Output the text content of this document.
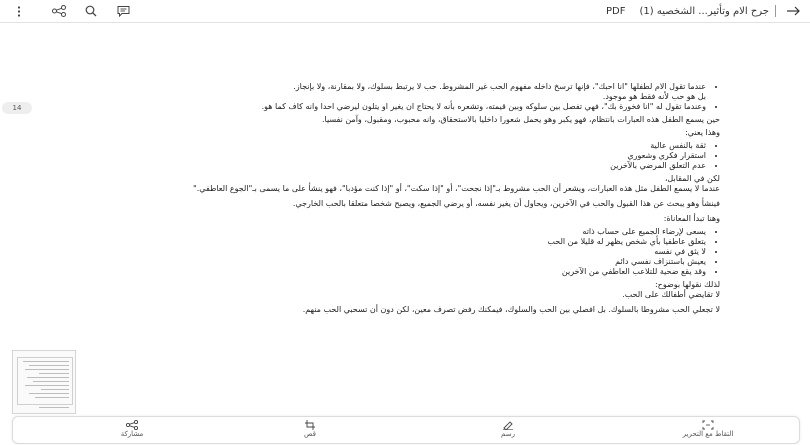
جرح الام وتأثير... الشخصيه (1)
PDF
14
• عندما تقول الام لطفلها "انا احبك"، فإنها ترسخ داخله مفهوم الحب غير المشروط. حب لا يرتبط بسلوك، ولا بمقارنة، ولا بإنجاز.
بل هو حب لأنه فقط هو موجود.
• وعندما تقول له "انا فخورة بك"، فهي تفصل بين سلوكه وبين قيمته، وتشعره بأنه لا يحتاج ان يغير او يتلون ليرضي احدا وانه كاف كما هو.

حين يسمع الطفل هذه العبارات بانتظام، فهو يكبر وهو يحمل شعورا داخليا بالاستحقاق، وانه محبوب، ومقبول، وآمن نفسيا.

وهذا يعني:

• ثقة بالنفس عالية
• استقرار فكري وشعوري
• عدم التعلق المرضي بالآخرين

لكن في المقابل،

عندما لا يسمع الطفل مثل هذه العبارات، ويشعر أن الحب مشروط بـ"إذا نجحت"، أو "إذا سكت"، أو "إذا كنت مؤدبا"، فهو ينشأ على ما يسمى بـ"الجوع العاطفي."

فينشأ وهو يبحث عن هذا القبول والحب في الآخرين، ويحاول أن يغير نفسه، أو يرضي الجميع، ويصبح شخصا متعلقا بالحب الخارجي.

وهنا تبدأ المعاناة:

• يسعى لإرضاء الجميع على حساب ذاته
• يتعلق عاطفيا بأي شخص يظهر له قليلا من الحب
• لا يثق في نفسه
• يعيش باستنزاف نفسي دائم
• وقد يقع ضحية للتلاعب العاطفي من الآخرين

لذلك نقولها بوضوح:

لا تقايضي أطفالك على الحب.

لا تجعلي الحب مشروطا بالسلوك. بل افصلي بين الحب والسلوك، فيمكنك رفض تصرف معين، لكن دون أن تسحبي الحب منهم.

مشاركة	قص	رسم	التقاط مع التحرير
